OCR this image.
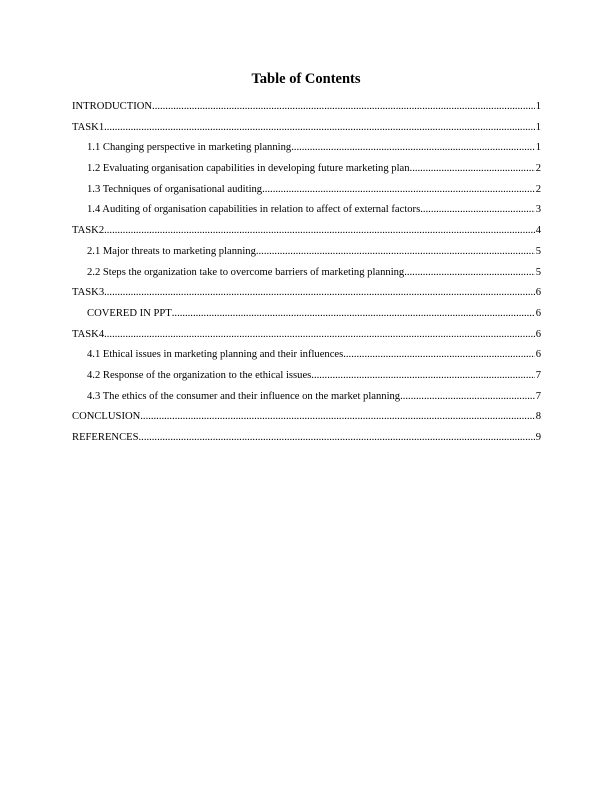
Table of Contents
INTRODUCTION .....	1
TASK1 .....	1
1.1 Changing perspective in marketing planning .....	1
1.2 Evaluating organisation capabilities in developing future marketing plan .....	2
1.3 Techniques of organisational auditing .....	2
1.4 Auditing of organisation capabilities in relation to affect of external factors .....	3
TASK2 .....	4
2.1 Major threats to marketing planning .....	5
2.2 Steps the organization take to overcome barriers of marketing planning .....	5
TASK3 .....	6
COVERED IN PPT .....	6
TASK4 .....	6
4.1 Ethical issues in marketing planning and their influences .....	6
4.2 Response of the organization to the ethical issues .....	7
4.3 The ethics of the consumer and their influence on the market planning .....	7
CONCLUSION .....	8
REFERENCES .....	9
